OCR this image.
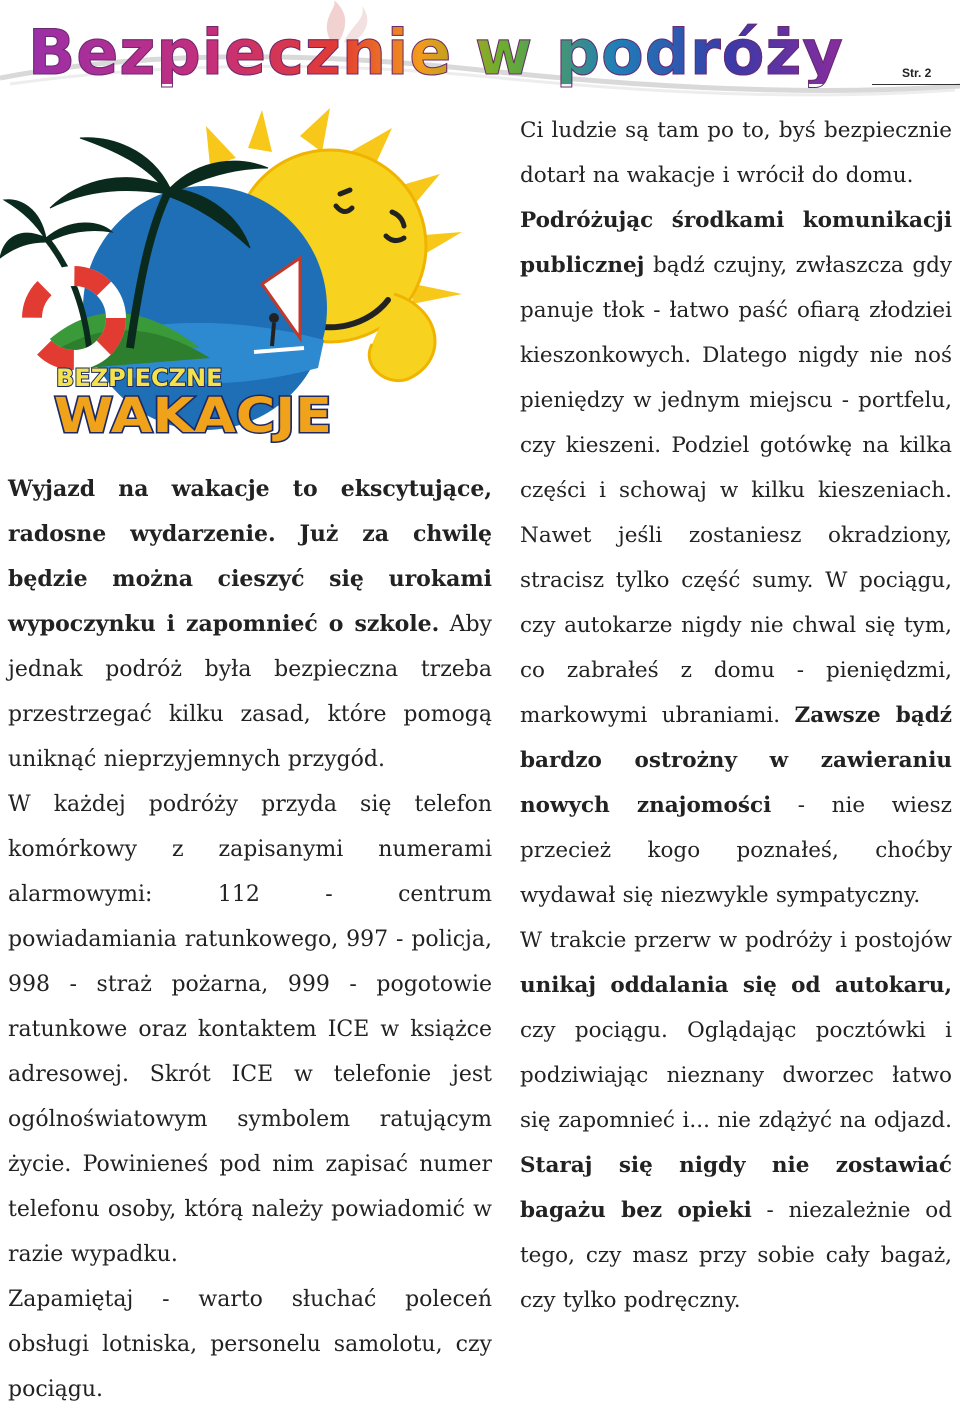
Bezpiecznie w podróży	Str. 2
BEZPIECZNE
WAKACJE

Wyjazd na wakacje to ekscytujące, radosne wydarzenie. Już za chwilę będzie można cieszyć się urokami wypoczynku i zapomnieć o szkole. Aby jednak podróż była bezpieczna trzeba przestrzegać kilku zasad, które pomogą uniknąć nieprzyjemnych przygód.

W każdej podróży przyda się telefon komórkowy z zapisanymi numerami alarmowymi: 112 - centrum powiadamiania ratunkowego, 997 - policja, 998 - straż pożarna, 999 - pogotowie ratunkowe oraz kontaktem ICE w książce adresowej. Skrót ICE w telefonie jest ogólnoświatowym symbolem ratującym życie. Powinieneś pod nim zapisać numer telefonu osoby, którą należy powiadomić w razie wypadku.

Zapamiętaj - warto słuchać poleceń obsługi lotniska, personelu samolotu, czy pociągu.

Ci ludzie są tam po to, byś bezpiecznie dotarł na wakacje i wrócił do domu.

Podróżując środkami komunikacji publicznej bądź czujny, zwłaszcza gdy panuje tłok - łatwo paść ofiarą złodziei kieszonkowych. Dlatego nigdy nie noś pieniędzy w jednym miejscu - portfelu, czy kieszeni. Podziel gotówkę na kilka części i schowaj w kilku kieszeniach. Nawet jeśli zostaniesz okradziony, stracisz tylko część sumy. W pociągu, czy autokarze nigdy nie chwal się tym, co zabrałeś z domu - pieniędzmi, markowymi ubraniami. Zawsze bądź bardzo ostrożny w zawieraniu nowych znajomości - nie wiesz przecież kogo poznałeś, choćby wydawał się niezwykle sympatyczny.

W trakcie przerw w podróży i postojów unikaj oddalania się od autokaru, czy pociągu. Oglądając pocztówki i podziwiając nieznany dworzec łatwo się zapomnieć i... nie zdążyć na odjazd. Staraj się nigdy nie zostawiać bagażu bez opieki - niezależnie od tego, czy masz przy sobie cały bagaż, czy tylko podręczny.
